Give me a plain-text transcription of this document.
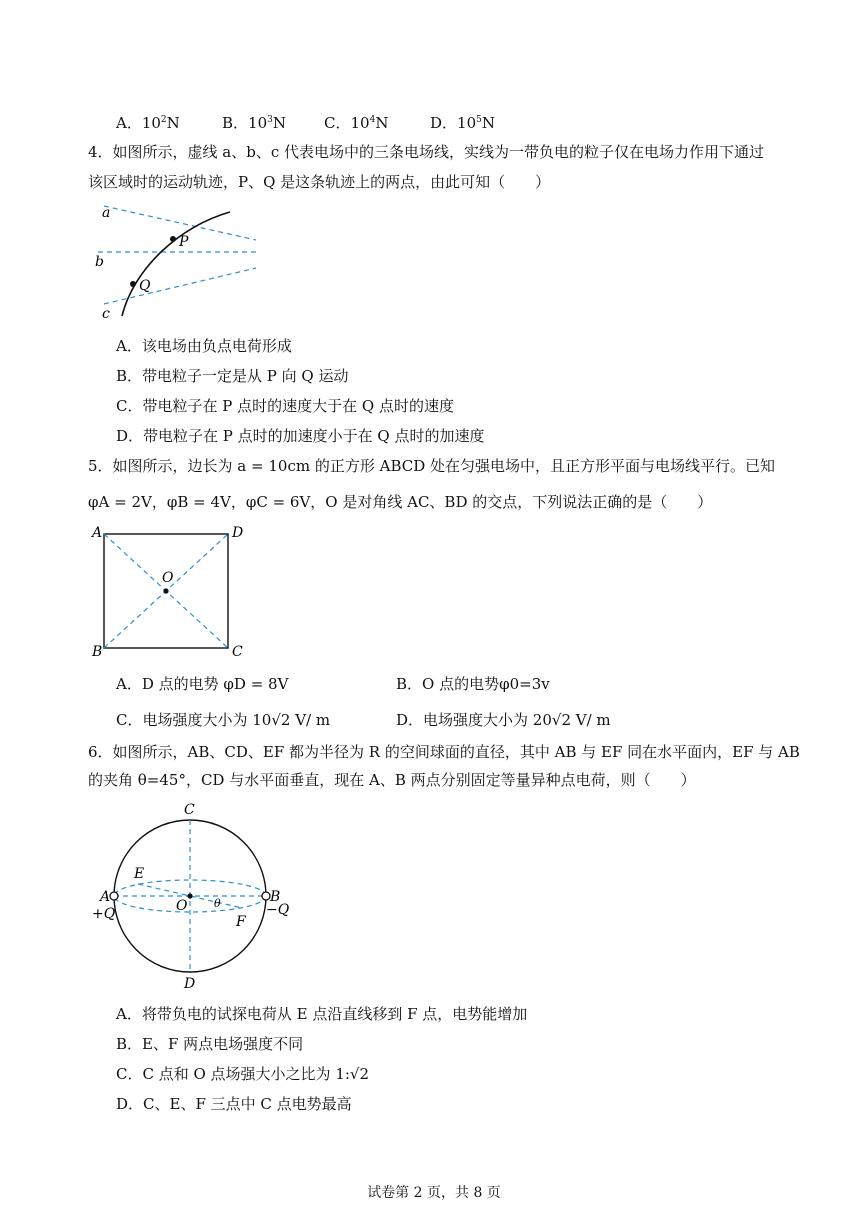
A．$10^2N$	B．$10^3N$	C．$10^4N$	D．$10^5N$
4．如图所示，虚线 a、b、c 代表电场中的三条电场线，实线为一带负电的粒子仅在电场力作用下通过
该区域时的运动轨迹，P、Q 是这条轨迹上的两点，由此可知（　　）
a
b
c
P
Q
A．该电场由负点电荷形成
B．带电粒子一定是从 P 向 Q 运动
C．带电粒子在 P 点时的速度大于在 Q 点时的速度
D．带电粒子在 P 点时的加速度小于在 Q 点时的加速度
5．如图所示，边长为 a = 10cm 的正方形 ABCD 处在匀强电场中，且正方形平面与电场线平行。已知
φA = 2V，φB = 4V，φC = 6V，O 是对角线 AC、BD 的交点，下列说法正确的是（　　）
A	D
B	C
O
A．D 点的电势 φD = 8V	B．O 点的电势φ0=3v
C．电场强度大小为 10√2 V/ m	D．电场强度大小为 20√2 V/ m
6．如图所示，AB、CD、EF 都为半径为 R 的空间球面的直径，其中 AB 与 EF 同在水平面内，EF 与 AB
的夹角 θ=45°，CD 与水平面垂直，现在 A、B 两点分别固定等量异种点电荷，则（　　）
C
D
E
F
O θ
A	B
+Q	−Q
A．将带负电的试探电荷从 E 点沿直线移到 F 点，电势能增加
B．E、F 两点电场强度不同
C．C 点和 O 点场强大小之比为 1:√2
D．C、E、F 三点中 C 点电势最高
试卷第 2 页，共 8 页
